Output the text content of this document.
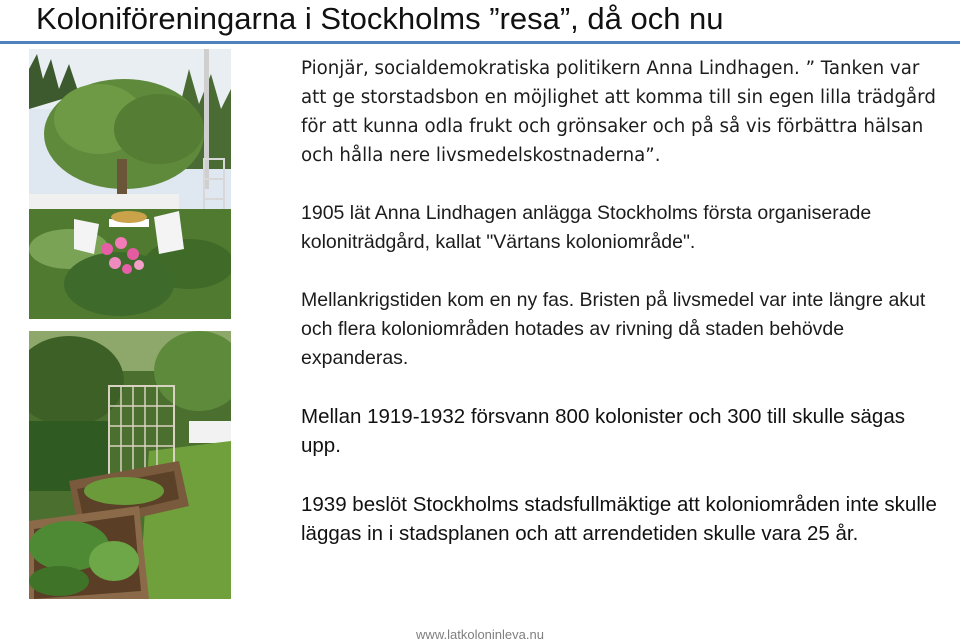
Koloniföreningarna i Stockholms ”resa”, då och nu

Pionjär, socialdemokratiska politikern Anna Lindhagen. ” Tanken var att ge storstadsbon en möjlighet att komma till sin egen lilla trädgård för att kunna odla frukt och grönsaker och på så vis förbättra hälsan och hålla nere livsmedelskostnaderna”.

1905 lät Anna Lindhagen anlägga Stockholms första organiserade koloniträdgård, kallat "Värtans koloniområde".

Mellankrigstiden kom en ny fas. Bristen på livsmedel var inte längre akut och flera koloniområden hotades av rivning då staden behövde expanderas.

Mellan 1919-1932 försvann 800 kolonister och 300 till skulle sägas upp.

1939 beslöt Stockholms stadsfullmäktige att koloniområden inte skulle läggas in i stadsplanen och att arrendetiden skulle vara 25 år.

www.latkoloninleva.nu
